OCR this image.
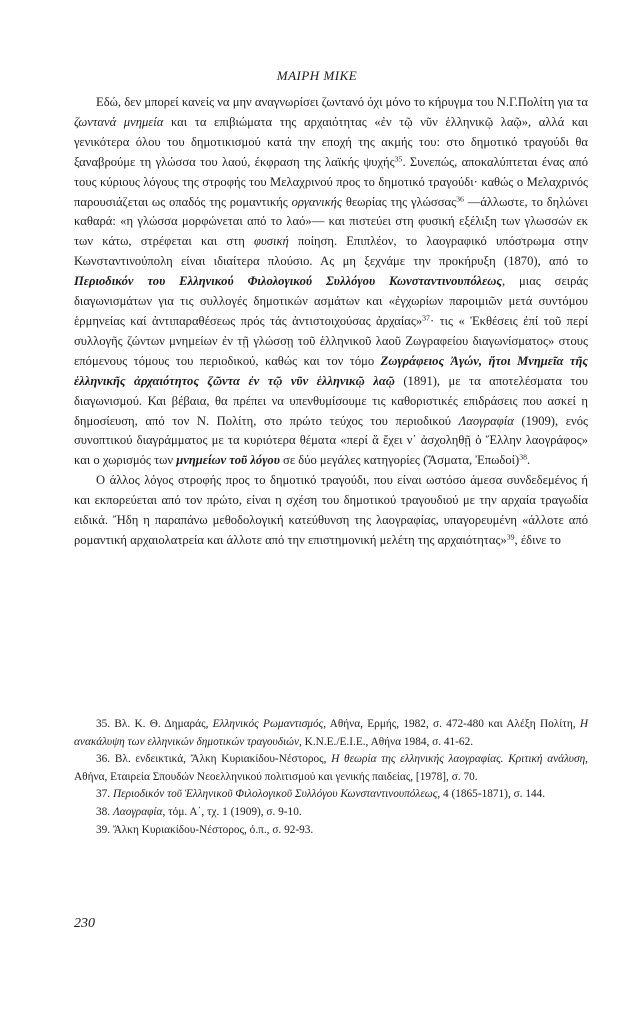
ΜΑΙΡΗ ΜΙΚΕ

Εδώ, δεν μπορεί κανείς να μην αναγνωρίσει ζωντανό όχι μόνο το κήρυγμα του Ν.Γ.Πολίτη για τα ζωντανά μνημεία και τα επιβιώματα της αρχαιότητας «ἐν τῷ νῦν ἑλληνικῷ λαῷ», αλλά και γενικότερα όλου του δημοτικισμού κατά την εποχή της ακμής του: στο δημοτικό τραγούδι θα ξαναβρούμε τη γλώσσα του λαού, έκφραση της λαϊκής ψυχής$^{35}$. Συνεπώς, αποκαλύπτεται ένας από τους κύριους λόγους της στροφής του Μελαχρινού προς το δημοτικό τραγούδι· καθώς ο Μελαχρινός παρουσιάζεται ως οπαδός της ρομαντικής οργανικής θεωρίας της γλώσσας$^{36}$ —άλλωστε, το δηλώνει καθαρά: «η γλώσσα μορφώνεται από το λαό»— και πιστεύει στη φυσική εξέλιξη των γλωσσών εκ των κάτω, στρέφεται και στη φυσική ποίηση. Επιπλέον, το λαογραφικό υπόστρωμα στην Κωνσταντινούπολη είναι ιδιαίτερα πλούσιο. Ας μη ξεχνάμε την προκήρυξη (1870), από το Περιοδικόν του Ελληνικού Φιλολογικού Συλλόγου Κωνσταντινουπόλεως, μιας σειράς διαγωνισμάτων για τις συλλογές δημοτικών ασμάτων και «ἐγχωρίων παροιμιῶν μετά συντόμου ἑρμηνείας καί ἀντιπαραθέσεως πρός τάς ἀντιστοιχούσας ἀρχαίας»$^{37}$· τις « Ἐκθέσεις ἐπί τοῦ περί συλλογῆς ζώντων μνημείων ἐν τῇ γλώσσῃ τοῦ ἑλληνικοῦ λαοῦ Ζωγραφείου διαγωνίσματος» στους επόμενους τόμους του περιοδικού, καθώς και τον τόμο Ζωγράφειος Ἀγών, ἤτοι Μνημεῖα τῆς ἑλληνικῆς ἀρχαιότητος ζῶντα ἐν τῷ νῦν ἑλληνικῷ λαῷ (1891), με τα αποτελέσματα του διαγωνισμού. Και βέβαια, θα πρέπει να υπενθυμίσουμε τις καθοριστικές επιδράσεις που ασκεί η δημοσίευση, από τον Ν. Πολίτη, στο πρώτο τεύχος του περιοδικού Λαογραφία (1909), ενός συνοπτικού διαγράμματος με τα κυριότερα θέματα «περί ἅ ἔχει ν᾿ ἀσχοληθῇ ὁ Ἕλλην λαογράφος» και ο χωρισμός των μνημείων τοῦ λόγου σε δύο μεγάλες κατηγορίες (Ἄσματα, Ἐπωδοί)$^{38}$.

Ο άλλος λόγος στροφής προς το δημοτικό τραγούδι, που είναι ωστόσο άμεσα συνδεδεμένος ή και εκπορεύεται από τον πρώτο, είναι η σχέση του δημοτικού τραγουδιού με την αρχαία τραγωδία ειδικά. Ἤδη η παραπάνω μεθοδολογική κατεύθυνση της λαογραφίας, υπαγορευμένη «άλλοτε από ρομαντική αρχαιολατρεία και άλλοτε από την επιστημονική μελέτη της αρχαιότητας»$^{39}$, έδινε το

35. Βλ. Κ. Θ. Δημαράς, Ελληνικός Ρωμαντισμός, Αθήνα, Ερμής, 1982, σ. 472-480 και Αλέξη Πολίτη, Η ανακάλυψη των ελληνικών δημοτικών τραγουδιών, Κ.Ν.Ε./Ε.Ι.Ε., Αθήνα 1984, σ. 41-62.

36. Βλ. ενδεικτικά, Ἄλκη Κυριακίδου-Νέστορος, Η θεωρία της ελληνικής λαογραφίας. Κριτική ανάλυση, Αθήνα, Εταιρεία Σπουδών Νεοελληνικού πολιτισμού και γενικής παιδείας, [1978], σ. 70.

37. Περιοδικόν τοῦ Ἑλληνικοῦ Φιλολογικοῦ Συλλόγου Κωνσταντινουπόλεως, 4 (1865-1871), σ. 144.

38. Λαογραφία, τόμ. Α΄, τχ. 1 (1909), σ. 9-10.

39. Ἄλκη Κυριακίδου-Νέστορος, ό.π., σ. 92-93.

230
